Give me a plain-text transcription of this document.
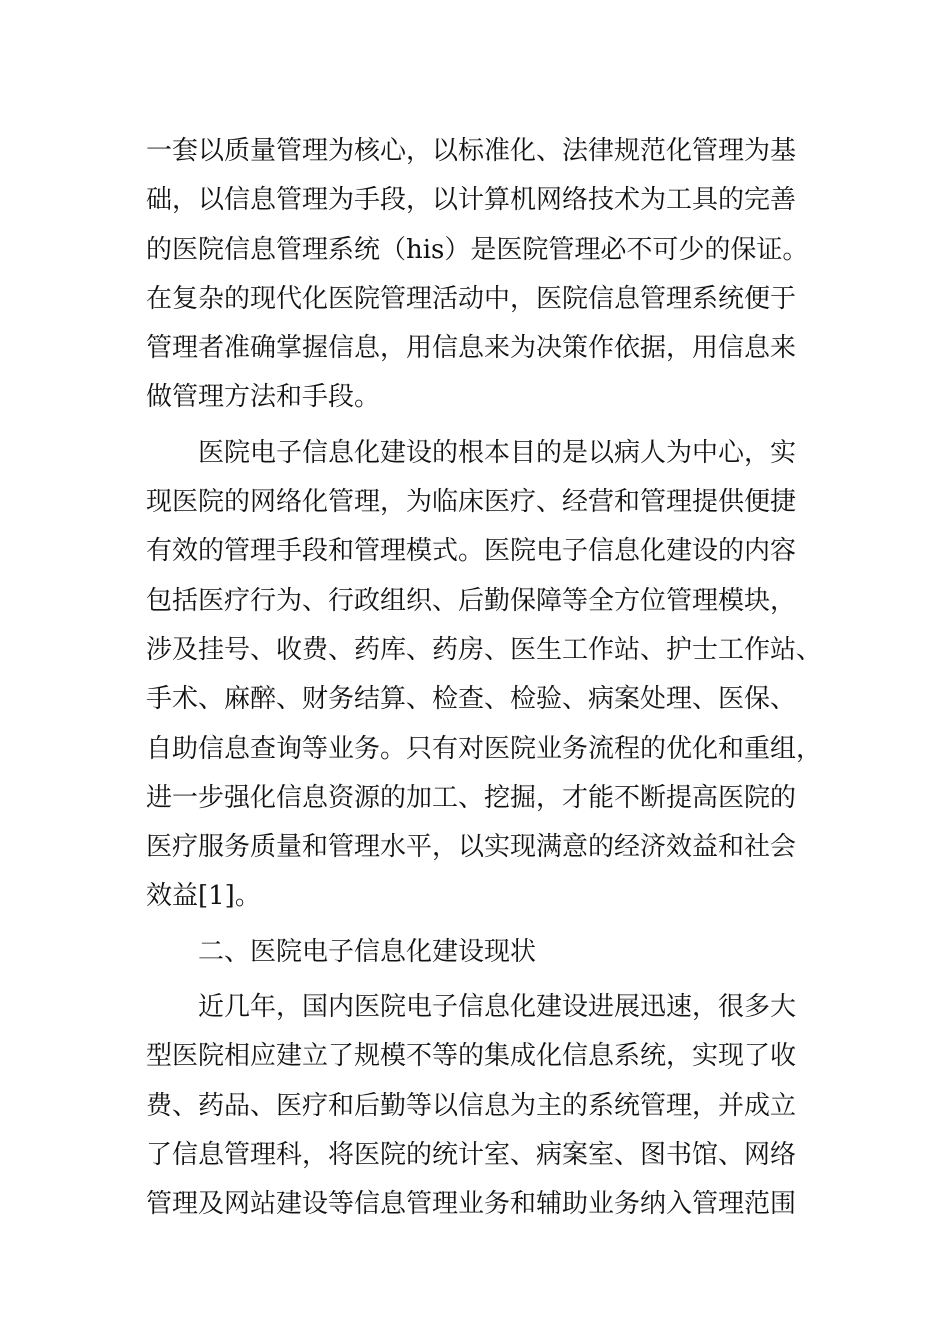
一套以质量管理为核心，以标准化、法律规范化管理为基
础，以信息管理为手段，以计算机网络技术为工具的完善
的医院信息管理系统（his）是医院管理必不可少的保证。
在复杂的现代化医院管理活动中，医院信息管理系统便于
管理者准确掌握信息，用信息来为决策作依据，用信息来
做管理方法和手段。
医院电子信息化建设的根本目的是以病人为中心，实
现医院的网络化管理，为临床医疗、经营和管理提供便捷
有效的管理手段和管理模式。医院电子信息化建设的内容
包括医疗行为、行政组织、后勤保障等全方位管理模块，
涉及挂号、收费、药库、药房、医生工作站、护士工作站、
手术、麻醉、财务结算、检查、检验、病案处理、医保、
自助信息查询等业务。只有对医院业务流程的优化和重组，
进一步强化信息资源的加工、挖掘，才能不断提高医院的
医疗服务质量和管理水平，以实现满意的经济效益和社会
效益[1]。
二、医院电子信息化建设现状
近几年，国内医院电子信息化建设进展迅速，很多大
型医院相应建立了规模不等的集成化信息系统，实现了收
费、药品、医疗和后勤等以信息为主的系统管理，并成立
了信息管理科，将医院的统计室、病案室、图书馆、网络
管理及网站建设等信息管理业务和辅助业务纳入管理范围
